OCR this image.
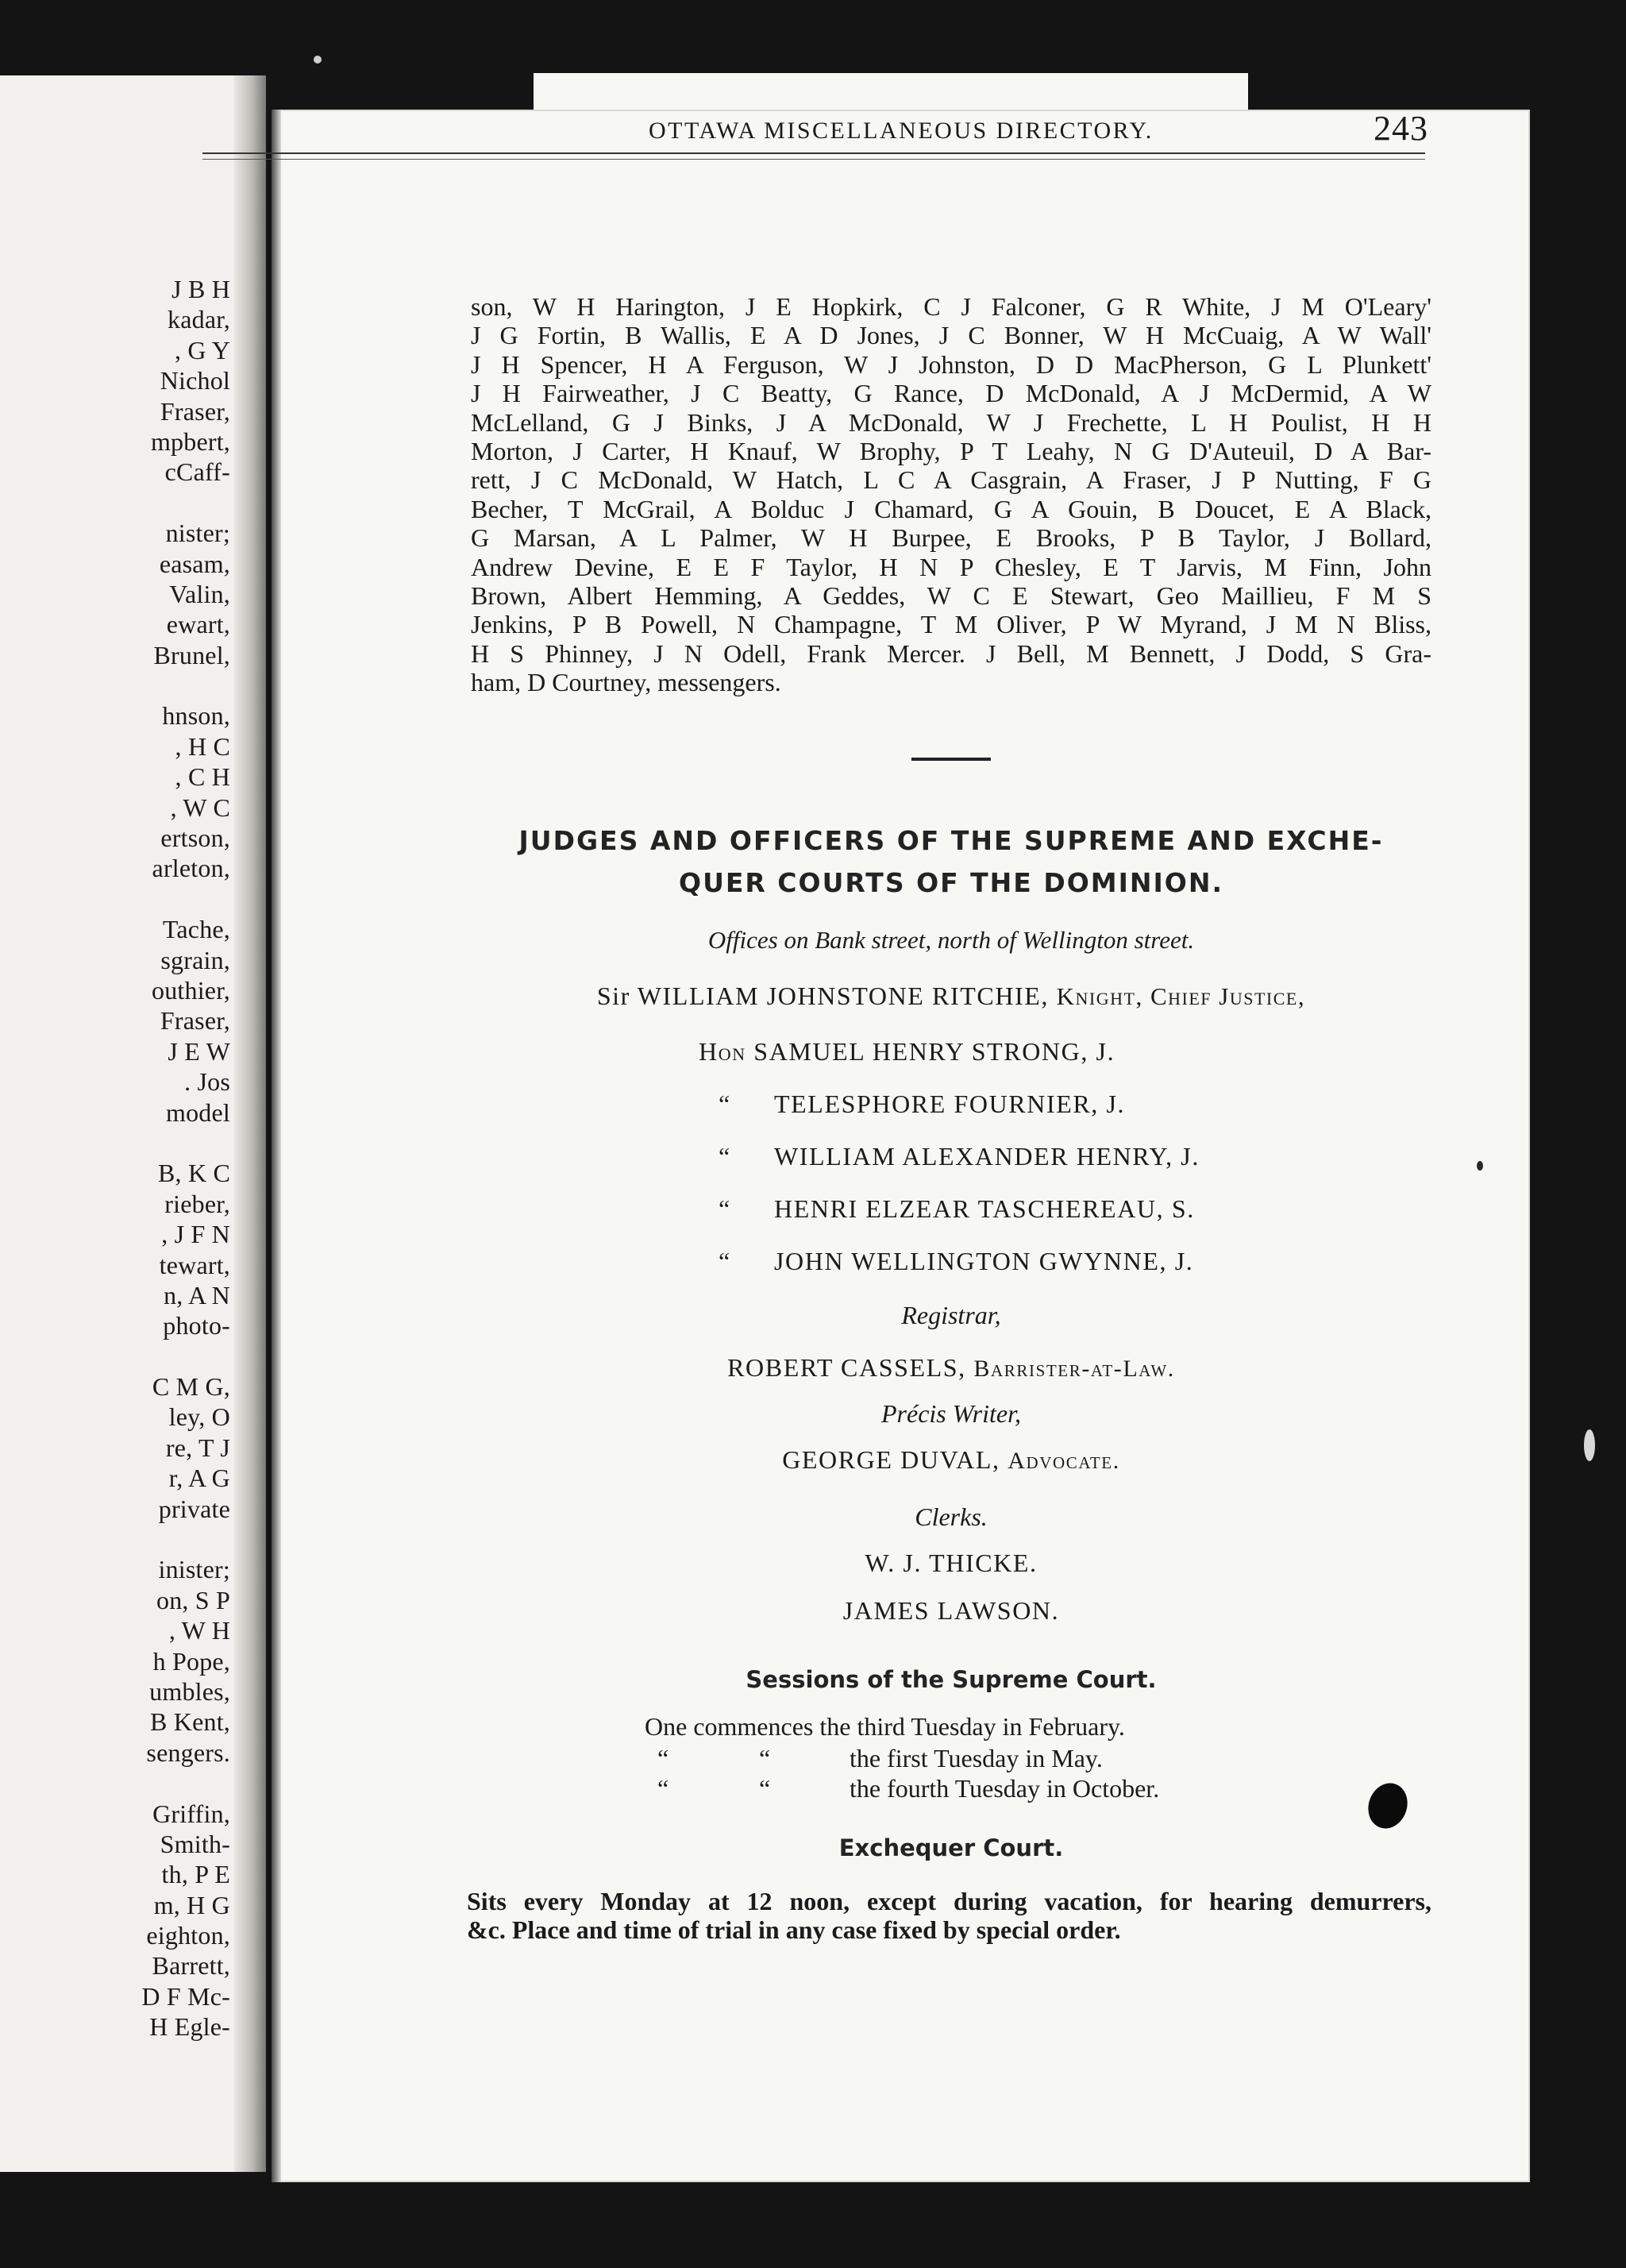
J B H
kadar,
, G Y
Nichol
Fraser,
mpbert,
cCaff-
nister;
easam,
Valin,
ewart,
Brunel,
hnson,
, H C
, C H
, W C
ertson,
arleton,
Tache,
sgrain,
outhier,
Fraser,
J E W
. Jos
model
B, K C
rieber,
, J F N
tewart,
n, A N
photo-
C M G,
ley, O
re, T J
r, A G
private
inister;
on, S P
, W H
h Pope,
umbles,
B Kent,
sengers.
Griffin,
Smith-
th, P E
m, H G
eighton,
Barrett,
D F Mc-
H Egle-
OTTAWA MISCELLANEOUS DIRECTORY.	243
son, W H Harington, J E Hopkirk, C J Falconer, G R White, J M O'Leary'
J G Fortin, B Wallis, E A D Jones, J C Bonner, W H McCuaig, A W Wall'
J H Spencer, H A Ferguson, W J Johnston, D D MacPherson, G L Plunkett'
J H Fairweather, J C Beatty, G Rance, D McDonald, A J McDermid, A W
McLelland, G J Binks, J A McDonald, W J Frechette, L H Poulist, H H
Morton, J Carter, H Knauf, W Brophy, P T Leahy, N G D'Auteuil, D A Bar-
rett, J C McDonald, W Hatch, L C A Casgrain, A Fraser, J P Nutting, F G
Becher, T McGrail, A Bolduc J Chamard, G A Gouin, B Doucet, E A Black,
G Marsan, A L Palmer, W H Burpee, E Brooks, P B Taylor, J Bollard,
Andrew Devine, E E F Taylor, H N P Chesley, E T Jarvis, M Finn, John
Brown, Albert Hemming, A Geddes, W C E Stewart, Geo Maillieu, F M S
Jenkins, P B Powell, N Champagne, T M Oliver, P W Myrand, J M N Bliss,
H S Phinney, J N Odell, Frank Mercer. J Bell, M Bennett, J Dodd, S Gra-
ham, D Courtney, messengers.
JUDGES AND OFFICERS OF THE SUPREME AND EXCHE-
QUER COURTS OF THE DOMINION.
Offices on Bank street, north of Wellington street.
Sir WILLIAM JOHNSTONE RITCHIE, Knight, Chief Justice,
Hon SAMUEL HENRY STRONG, J.
“ TELESPHORE FOURNIER, J.
“ WILLIAM ALEXANDER HENRY, J.
“ HENRI ELZEAR TASCHEREAU, S.
“ JOHN WELLINGTON GWYNNE, J.
Registrar,
ROBERT CASSELS, Barrister-at-Law.
Précis Writer,
GEORGE DUVAL, Advocate.
Clerks.
W. J. THICKE.
JAMES LAWSON.
Sessions of the Supreme Court.
One commences the third Tuesday in February.
“	“	the first Tuesday in May.
“	“	the fourth Tuesday in October.
Exchequer Court.
Sits every Monday at 12 noon, except during vacation, for hearing demurrers,
&c. Place and time of trial in any case fixed by special order.
